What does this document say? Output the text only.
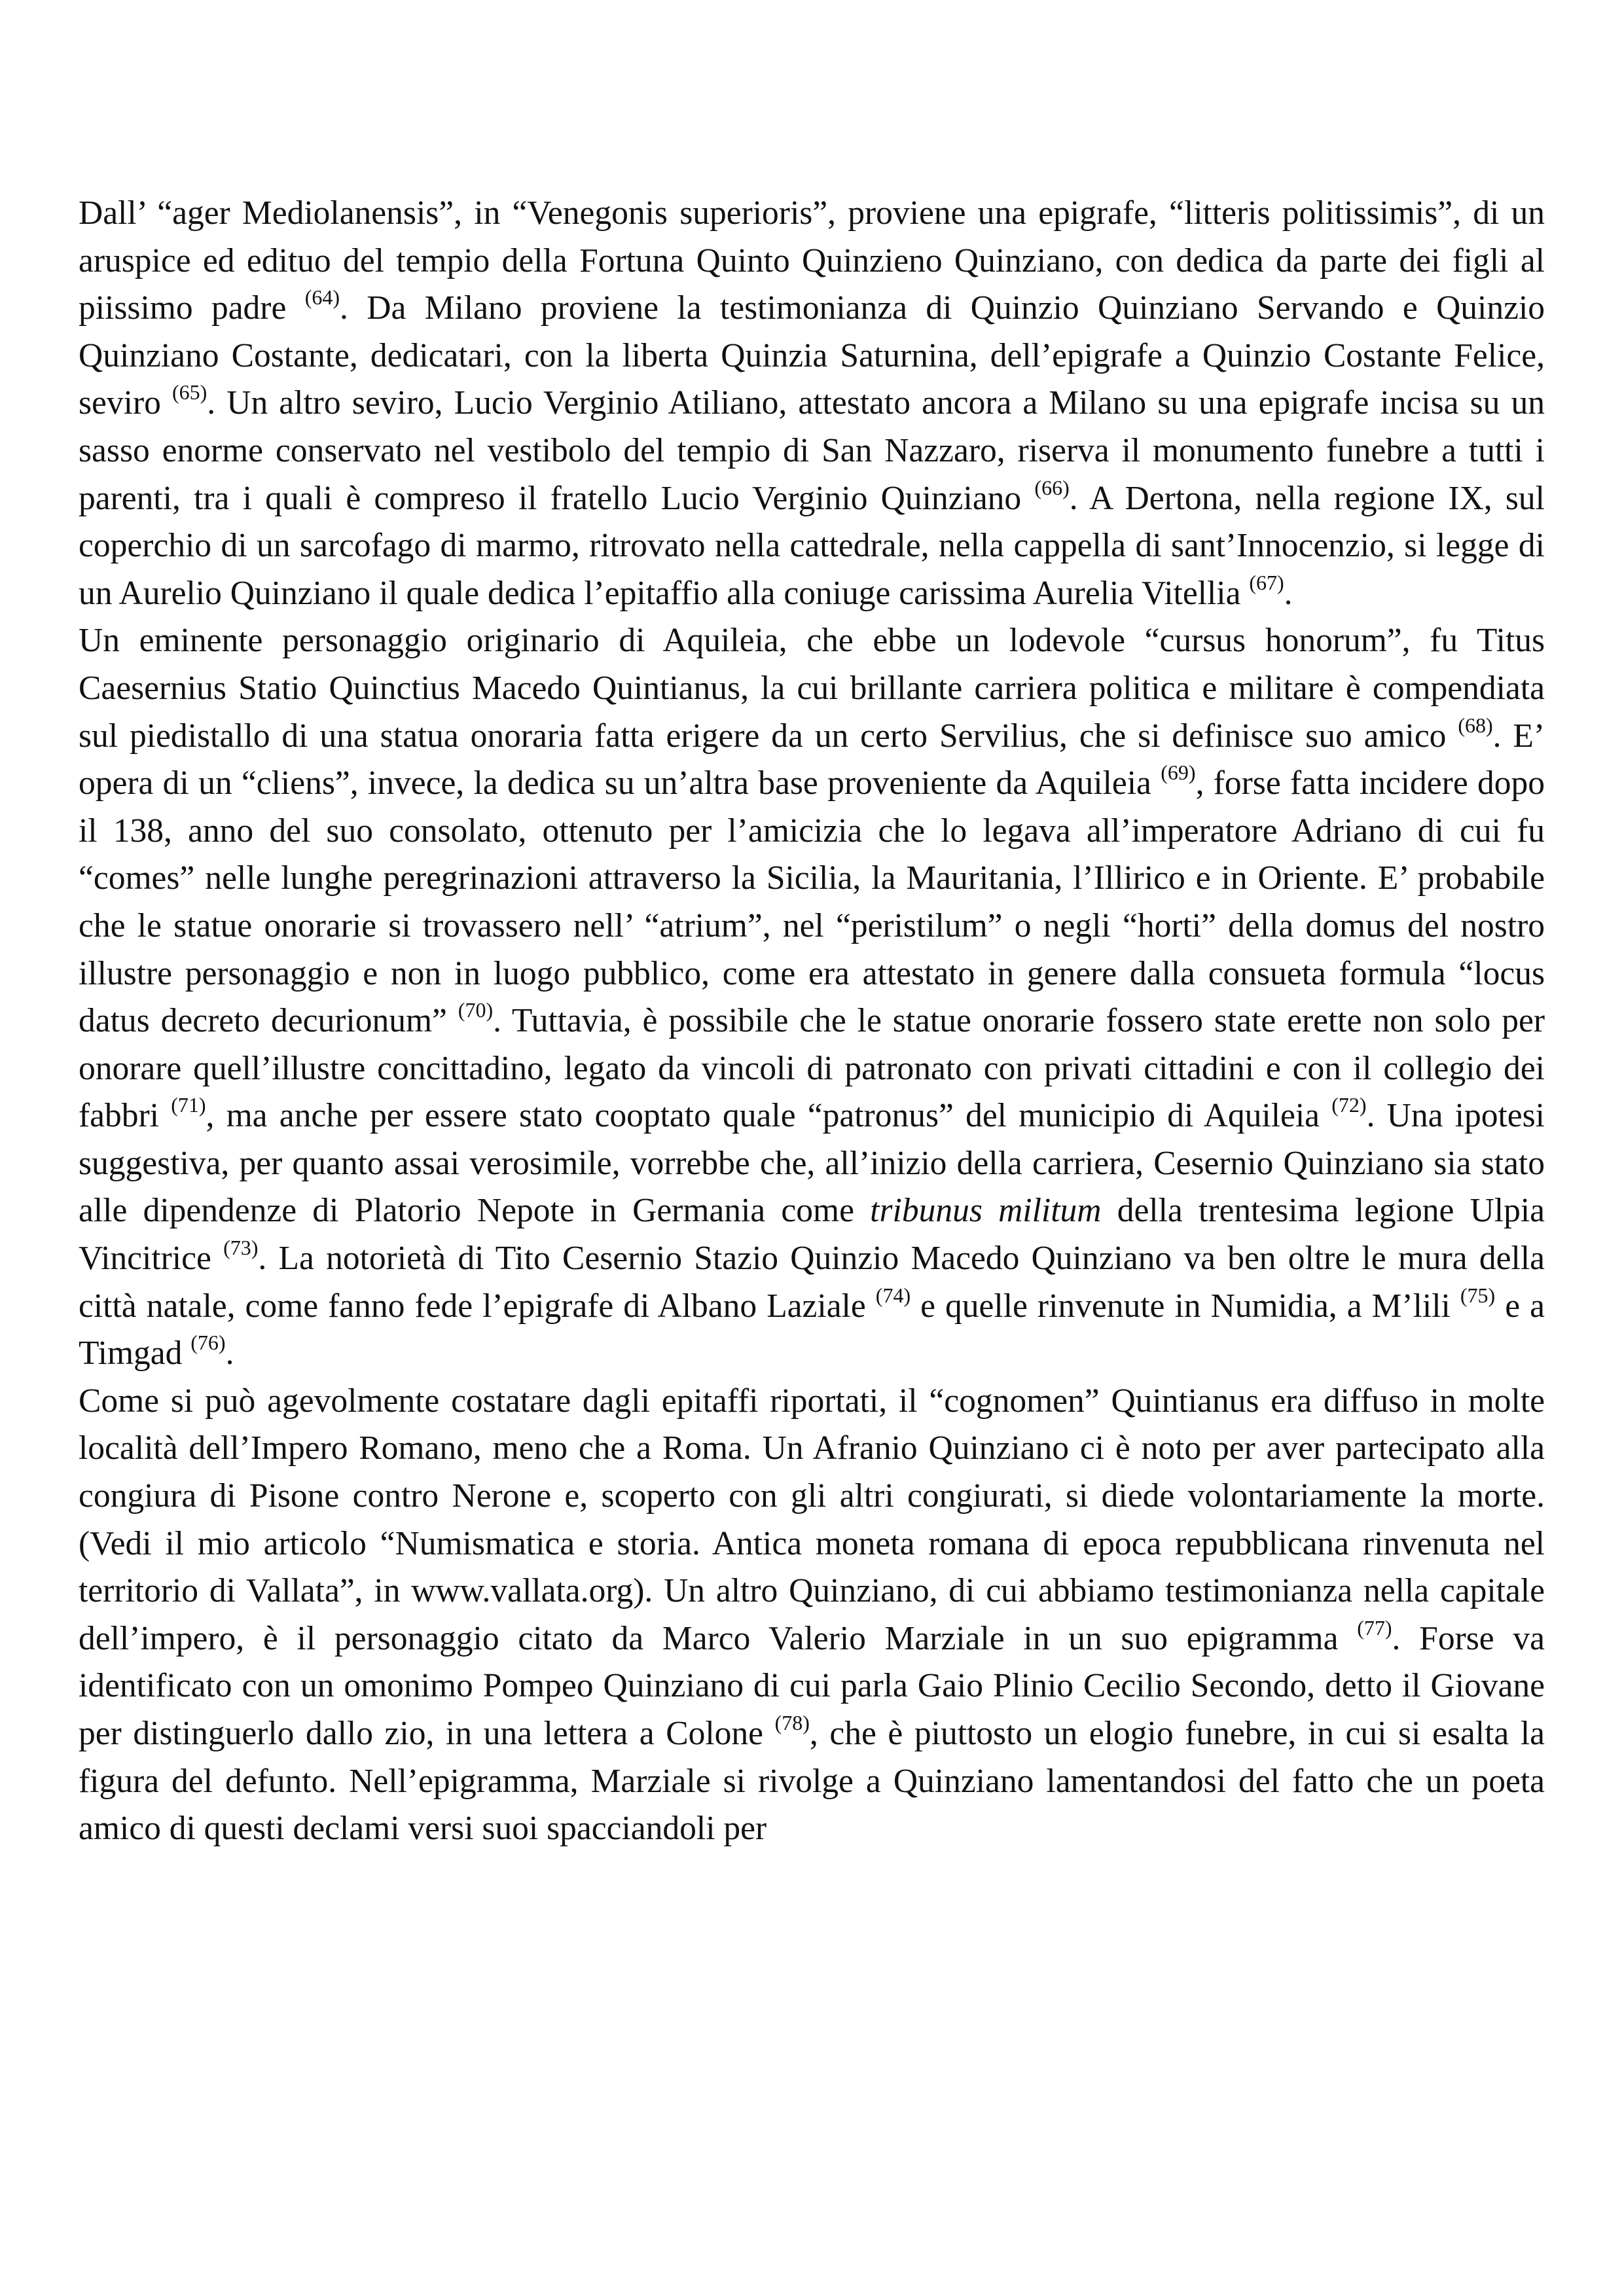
Dall’ “ager Mediolanensis”, in “Venegonis superioris”, proviene una epigrafe, “litteris politissimis”, di un aruspice ed edituo del tempio della Fortuna Quinto Quinzieno Quinziano, con dedica da parte dei figli al piissimo padre $^{(64)}$. Da Milano proviene la testimonianza di Quinzio Quinziano Servando e Quinzio Quinziano Costante, dedicatari, con la liberta Quinzia Saturnina, dell’epigrafe a Quinzio Costante Felice, seviro $^{(65)}$. Un altro seviro, Lucio Verginio Atiliano, attestato ancora a Milano su una epigrafe incisa su un sasso enorme conservato nel vestibolo del tempio di San Nazzaro, riserva il monumento funebre a tutti i parenti, tra i quali è compreso il fratello Lucio Verginio Quinziano $^{(66)}$. A Dertona, nella regione IX, sul coperchio di un sarcofago di marmo, ritrovato nella cattedrale, nella cappella di sant’Innocenzio, si legge di un Aurelio Quinziano il quale dedica l’epitaffio alla coniuge carissima Aurelia Vitellia $^{(67)}$.

Un eminente personaggio originario di Aquileia, che ebbe un lodevole “cursus honorum”, fu Titus Caesernius Statio Quinctius Macedo Quintianus, la cui brillante carriera politica e militare è compendiata sul piedistallo di una statua onoraria fatta erigere da un certo Servilius, che si definisce suo amico $^{(68)}$. E’ opera di un “cliens”, invece, la dedica su un’altra base proveniente da Aquileia $^{(69)}$, forse fatta incidere dopo il 138, anno del suo consolato, ottenuto per l’amicizia che lo legava all’imperatore Adriano di cui fu “comes” nelle lunghe peregrinazioni attraverso la Sicilia, la Mauritania, l’Illirico e in Oriente. E’ probabile che le statue onorarie si trovassero nell’ “atrium”, nel “peristilum” o negli “horti” della domus del nostro illustre personaggio e non in luogo pubblico, come era attestato in genere dalla consueta formula “locus datus decreto decurionum” $^{(70)}$. Tuttavia, è possibile che le statue onorarie fossero state erette non solo per onorare quell’illustre concittadino, legato da vincoli di patronato con privati cittadini e con il collegio dei fabbri $^{(71)}$, ma anche per essere stato cooptato quale “patronus” del municipio di Aquileia $^{(72)}$. Una ipotesi suggestiva, per quanto assai verosimile, vorrebbe che, all’inizio della carriera, Cesernio Quinziano sia stato alle dipendenze di Platorio Nepote in Germania come tribunus militum della trentesima legione Ulpia Vincitrice $^{(73)}$. La notorietà di Tito Cesernio Stazio Quinzio Macedo Quinziano va ben oltre le mura della città natale, come fanno fede l’epigrafe di Albano Laziale $^{(74)}$ e quelle rinvenute in Numidia, a M’lili $^{(75)}$ e a Timgad $^{(76)}$.

Come si può agevolmente costatare dagli epitaffi riportati, il “cognomen” Quintianus era diffuso in molte località dell’Impero Romano, meno che a Roma. Un Afranio Quinziano ci è noto per aver partecipato alla congiura di Pisone contro Nerone e, scoperto con gli altri congiurati, si diede volontariamente la morte. (Vedi il mio articolo “Numismatica e storia. Antica moneta romana di epoca repubblicana rinvenuta nel territorio di Vallata”, in www.vallata.org). Un altro Quinziano, di cui abbiamo testimonianza nella capitale dell’impero, è il personaggio citato da Marco Valerio Marziale in un suo epigramma $^{(77)}$. Forse va identificato con un omonimo Pompeo Quinziano di cui parla Gaio Plinio Cecilio Secondo, detto il Giovane per distinguerlo dallo zio, in una lettera a Colone $^{(78)}$, che è piuttosto un elogio funebre, in cui si esalta la figura del defunto. Nell’epigramma, Marziale si rivolge a Quinziano lamentandosi del fatto che un poeta amico di questi declami versi suoi spacciandoli per
